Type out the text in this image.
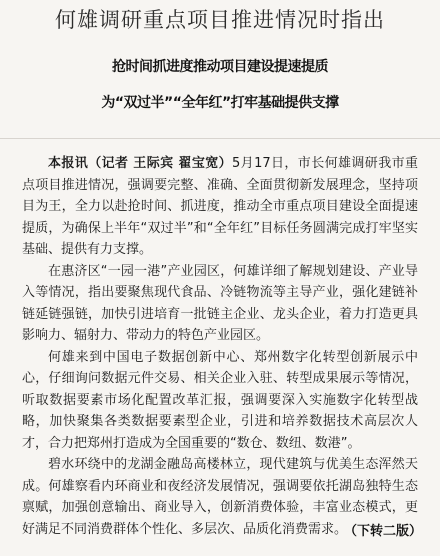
何雄调研重点项目推进情况时指出
抢时间抓进度推动项目建设提速提质
为“双过半”“全年红”打牢基础提供支撑

本报讯（记者 王际宾 翟宝宽）5月17日，市长何雄调研我市重点项目推进情况，强调要完整、准确、全面贯彻新发展理念，坚持项目为王，全力以赴抢时间、抓进度，推动全市重点项目建设全面提速提质，为确保上半年“双过半”和“全年红”目标任务圆满完成打牢坚实基础、提供有力支撑。

在惠济区“一园一港”产业园区，何雄详细了解规划建设、产业导入等情况，指出要聚焦现代食品、冷链物流等主导产业，强化建链补链延链强链，加快引进培育一批链主企业、龙头企业，着力打造更具影响力、辐射力、带动力的特色产业园区。

何雄来到中国电子数据创新中心、郑州数字化转型创新展示中心，仔细询问数据元件交易、相关企业入驻、转型成果展示等情况，听取数据要素市场化配置改革汇报，强调要深入实施数字化转型战略，加快聚集各类数据要素型企业，引进和培养数据技术高层次人才，合力把郑州打造成为全国重要的“数仓、数纽、数港”。

碧水环绕中的龙湖金融岛高楼林立，现代建筑与优美生态浑然天成。何雄察看内环商业和夜经济发展情况，强调要依托湖岛独特生态禀赋，加强创意输出、商业导入，创新消费体验，丰富业态模式，更好满足不同消费群体个性化、多层次、品质化消费需求。

（下转二版）
